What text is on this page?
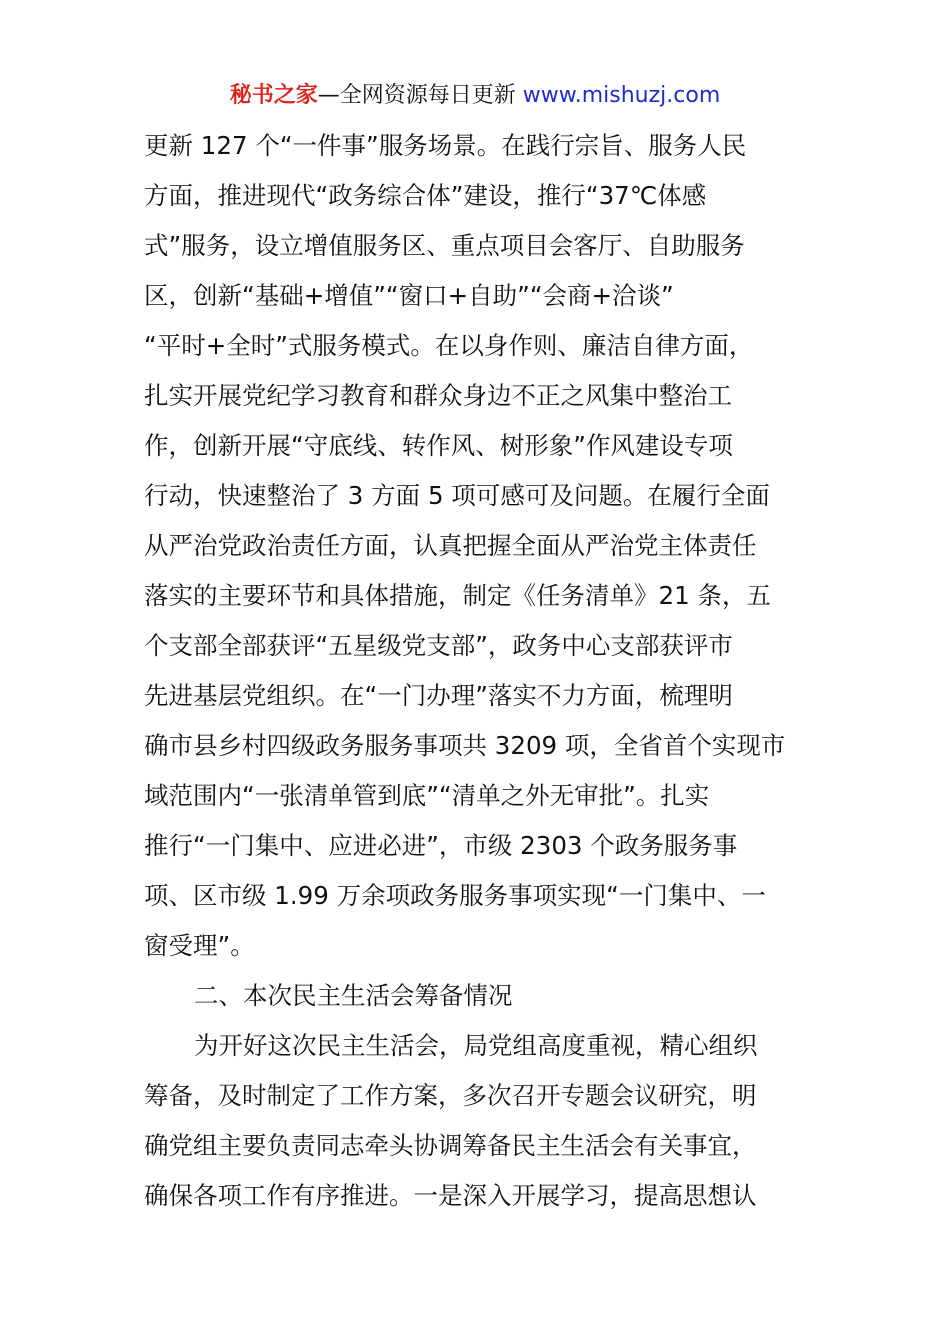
秘书之家—全网资源每日更新 www.mishuzj.com
更新 127 个“一件事”服务场景。在践行宗旨、服务人民
方面，推进现代“政务综合体”建设，推行“37℃体感
式”服务，设立增值服务区、重点项目会客厅、自助服务
区，创新“基础+增值”“窗口+自助”“会商+洽谈”
“平时+全时”式服务模式。在以身作则、廉洁自律方面，
扎实开展党纪学习教育和群众身边不正之风集中整治工
作，创新开展“守底线、转作风、树形象”作风建设专项
行动，快速整治了 3 方面 5 项可感可及问题。在履行全面
从严治党政治责任方面，认真把握全面从严治党主体责任
落实的主要环节和具体措施，制定《任务清单》21 条，五
个支部全部获评“五星级党支部”，政务中心支部获评市
先进基层党组织。在“一门办理”落实不力方面，梳理明
确市县乡村四级政务服务事项共 3209 项，全省首个实现市
域范围内“一张清单管到底”“清单之外无审批”。扎实
推行“一门集中、应进必进”，市级 2303 个政务服务事
项、区市级 1.99 万余项政务服务事项实现“一门集中、一
窗受理”。
二、本次民主生活会筹备情况
为开好这次民主生活会，局党组高度重视，精心组织
筹备，及时制定了工作方案，多次召开专题会议研究，明
确党组主要负责同志牵头协调筹备民主生活会有关事宜，
确保各项工作有序推进。一是深入开展学习，提高思想认
